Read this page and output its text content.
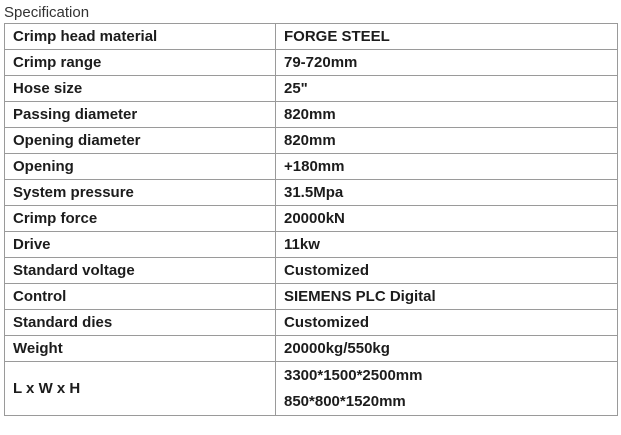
Specification
Crimp head material	FORGE STEEL
Crimp range	79-720mm
Hose size	25"
Passing diameter	820mm
Opening diameter	820mm
Opening	+180mm
System pressure	31.5Mpa
Crimp force	20000kN
Drive	11kw
Standard voltage	Customized
Control	SIEMENS PLC Digital
Standard dies	Customized
Weight	20000kg/550kg
L x W x H	3300*1500*2500mm
850*800*1520mm
